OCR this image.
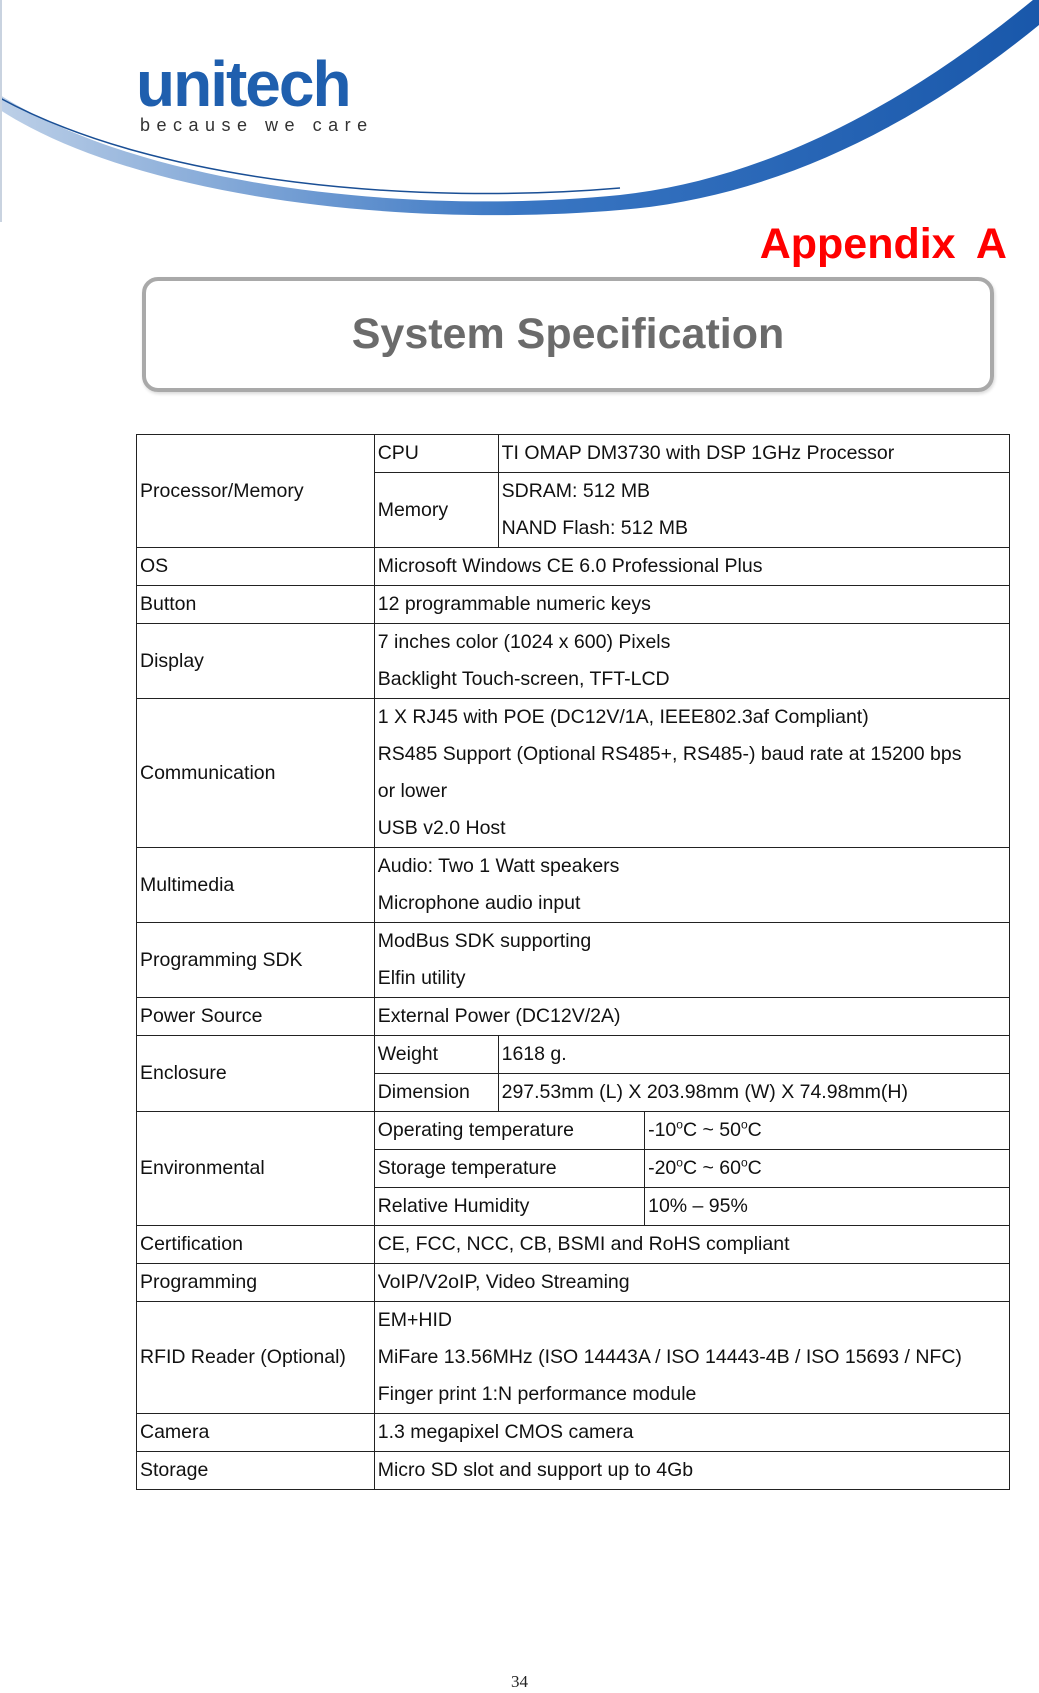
unitech
because we care
Appendix A
System Specification
Processor/Memory	CPU	TI OMAP DM3730 with DSP 1GHz Processor	
	Memory	SDRAM: 512 MB
NAND Flash: 512 MB	

OS	Microsoft Windows CE 6.0 Professional Plus		
Button	12 programmable numeric keys		
Display	7 inches color (1024 x 600) Pixels
Backlight Touch-screen, TFT-LCD		

Communication	1 X RJ45 with POE (DC12V/1A, IEEE802.3af Compliant)
RS485 Support (Optional RS485+, RS485-) baud rate at 15200 bps
or lower
USB v2.0 Host		

Multimedia	Audio: Two 1 Watt speakers
Microphone audio input		

Programming SDK	ModBus SDK supporting
Elfin utility		

Power Source	External Power (DC12V/2A)		
Enclosure	Weight	1618 g.	
	Dimension	297.53mm (L) X 203.98mm (W) X 74.98mm(H)	
Environmental	Operating temperature		-10$^o$C ~ 50$^o$C
	Storage temperature		-20$^o$C ~ 60$^o$C
	Relative Humidity		10% – 95%
Certification	CE, FCC, NCC, CB, BSMI and RoHS compliant		
Programming	VoIP/V2oIP, Video Streaming		
RFID Reader (Optional)	EM+HID
MiFare 13.56MHz (ISO 14443A / ISO 14443-4B / ISO 15693 / NFC)
Finger print 1:N performance module		

Camera	1.3 megapixel CMOS camera		
Storage	Micro SD slot and support up to 4Gb		
34
